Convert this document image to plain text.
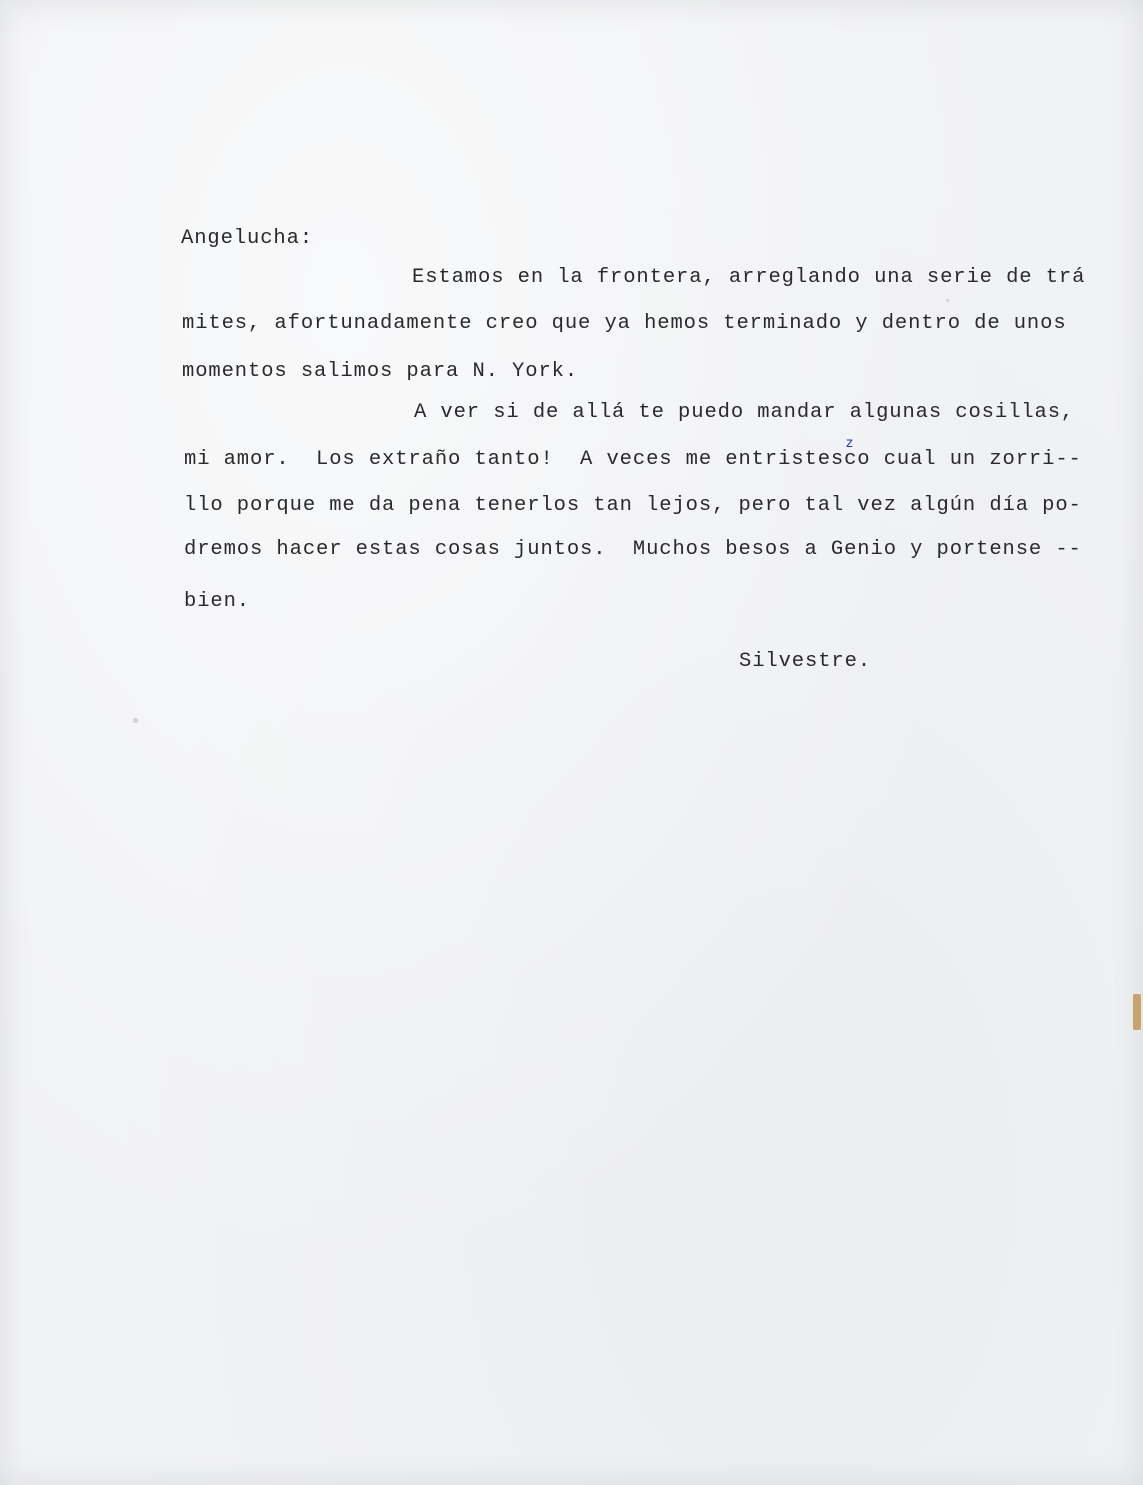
Angelucha:
Estamos en la frontera, arreglando una serie de trá
mites, afortunadamente creo que ya hemos terminado y dentro de unos
momentos salimos para N. York.
A ver si de allá te puedo mandar algunas cosillas,
mi amor.  Los extraño tanto!  A veces me entristesco cual un zorri--
z
llo porque me da pena tenerlos tan lejos, pero tal vez algún día po-
dremos hacer estas cosas juntos.  Muchos besos a Genio y portense --
bien.
Silvestre.
